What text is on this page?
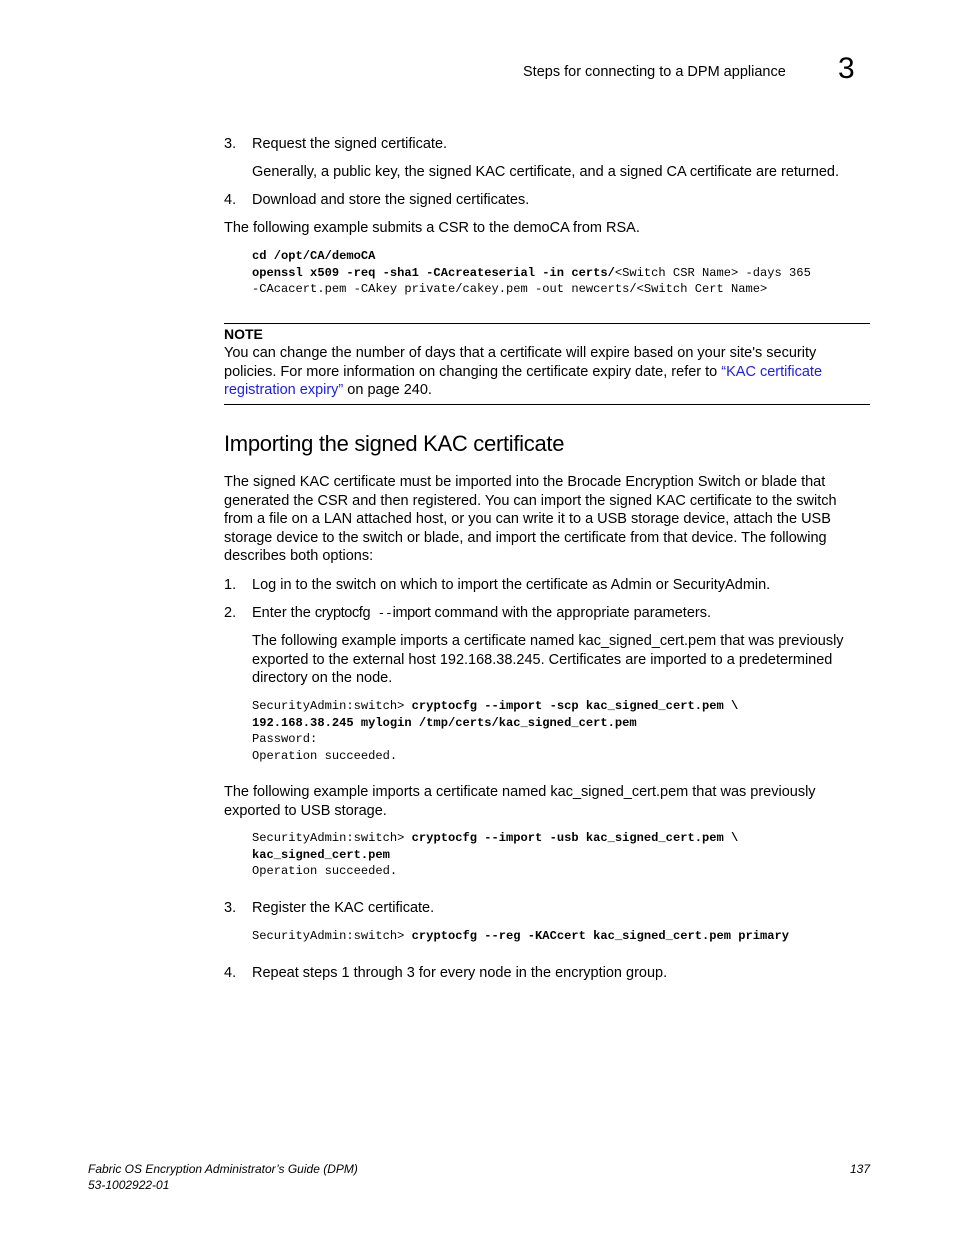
Steps for connecting to a DPM appliance 3
3. Request the signed certificate.
Generally, a public key, the signed KAC certificate, and a signed CA certificate are returned.
4. Download and store the signed certificates.
The following example submits a CSR to the demoCA from RSA.
cd /opt/CA/demoCA
openssl x509 -req -sha1 -CAcreateserial -in certs/<Switch CSR Name> -days 365
-CAcacert.pem -CAkey private/cakey.pem -out newcerts/<Switch Cert Name>
NOTE
You can change the number of days that a certificate will expire based on your site's security policies. For more information on changing the certificate expiry date, refer to “KAC certificate registration expiry” on page 240.
Importing the signed KAC certificate
The signed KAC certificate must be imported into the Brocade Encryption Switch or blade that generated the CSR and then registered. You can import the signed KAC certificate to the switch from a file on a LAN attached host, or you can write it to a USB storage device, attach the USB storage device to the switch or blade, and import the certificate from that device. The following describes both options:
1. Log in to the switch on which to import the certificate as Admin or SecurityAdmin.
2. Enter the cryptocfg --import command with the appropriate parameters.
The following example imports a certificate named kac_signed_cert.pem that was previously exported to the external host 192.168.38.245. Certificates are imported to a predetermined directory on the node.
SecurityAdmin:switch> cryptocfg --import -scp kac_signed_cert.pem \
192.168.38.245 mylogin /tmp/certs/kac_signed_cert.pem
Password:
Operation succeeded.
The following example imports a certificate named kac_signed_cert.pem that was previously exported to USB storage.
SecurityAdmin:switch> cryptocfg --import -usb kac_signed_cert.pem \
kac_signed_cert.pem
Operation succeeded.
3. Register the KAC certificate.
SecurityAdmin:switch> cryptocfg --reg -KACcert kac_signed_cert.pem primary
4. Repeat steps 1 through 3 for every node in the encryption group.
Fabric OS Encryption Administrator’s Guide (DPM)
53-1002922-01
137
